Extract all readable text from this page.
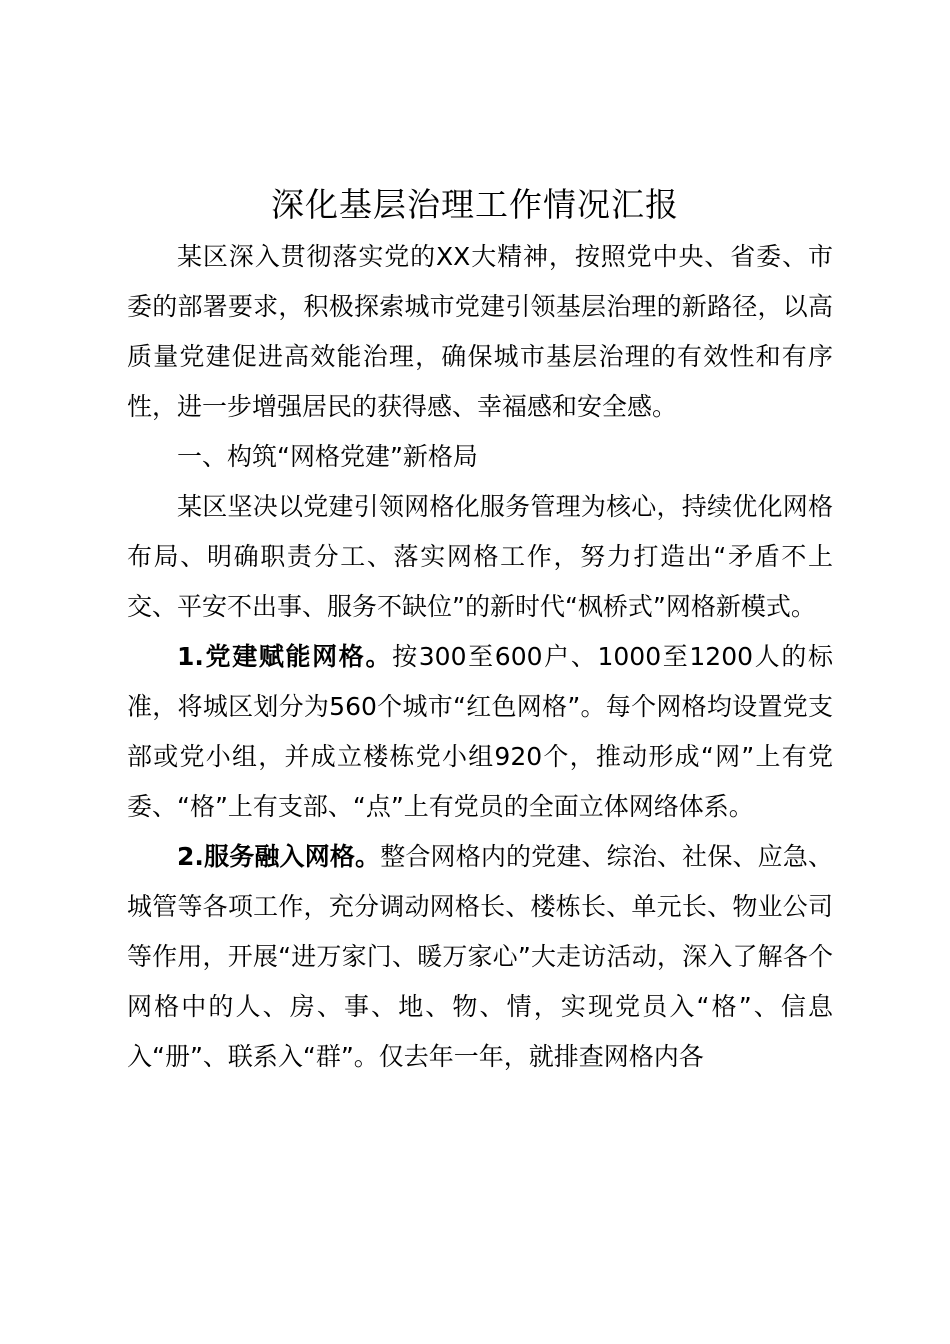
深化基层治理工作情况汇报

某区深入贯彻落实党的XX大精神，按照党中央、省委、市委的部署要求，积极探索城市党建引领基层治理的新路径，以高质量党建促进高效能治理，确保城市基层治理的有效性和有序性，进一步增强居民的获得感、幸福感和安全感。

一、构筑“网格党建”新格局

某区坚决以党建引领网格化服务管理为核心，持续优化网格布局、明确职责分工、落实网格工作，努力打造出“矛盾不上交、平安不出事、服务不缺位”的新时代“枫桥式”网格新模式。

1.党建赋能网格。按300至600户、1000至1200人的标准，将城区划分为560个城市“红色网格”。每个网格均设置党支部或党小组，并成立楼栋党小组920个，推动形成“网”上有党委、“格”上有支部、“点”上有党员的全面立体网络体系。

2.服务融入网格。整合网格内的党建、综治、社保、应急、城管等各项工作，充分调动网格长、楼栋长、单元长、物业公司等作用，开展“进万家门、暖万家心”大走访活动，深入了解各个网格中的人、房、事、地、物、情，实现党员入“格”、信息入“册”、联系入“群”。仅去年一年，就排查网格内各
